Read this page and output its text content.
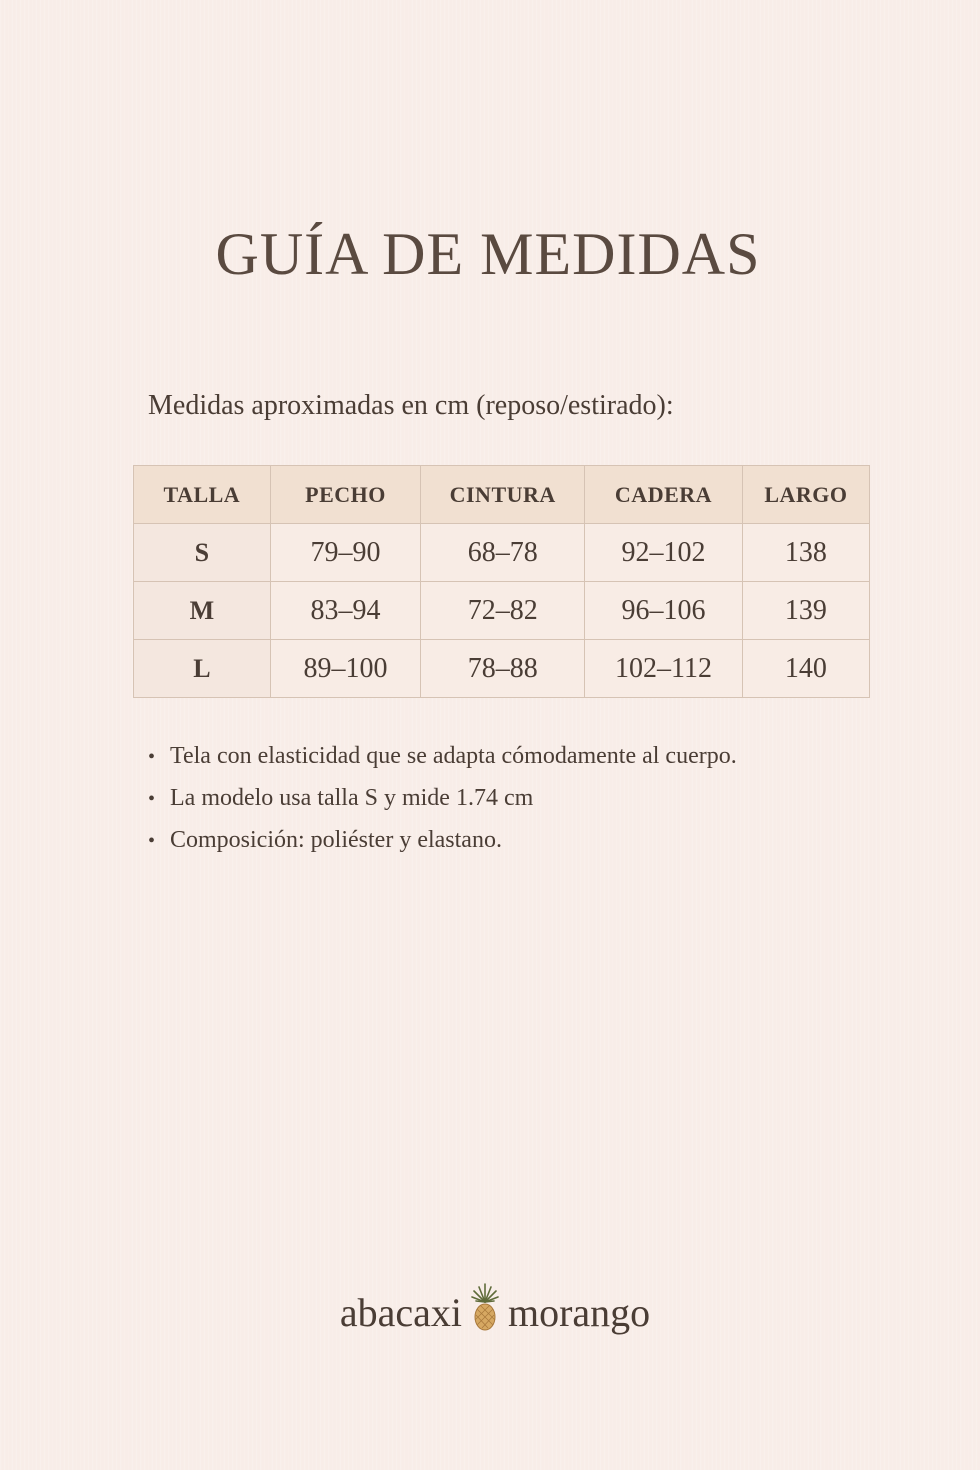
GUÍA DE MEDIDAS

Medidas aproximadas en cm (reposo/estirado):

TALLA	PECHO	CINTURA	CADERA	LARGO
S	79–90	68–78	92–102	138
M	83–94	72–82	96–106	139
L	89–100	78–88	102–112	140
• Tela con elasticidad que se adapta cómodamente al cuerpo.
• La modelo usa talla S y mide 1.74 cm
• Composición: poliéster y elastano.
abacaxi morango
